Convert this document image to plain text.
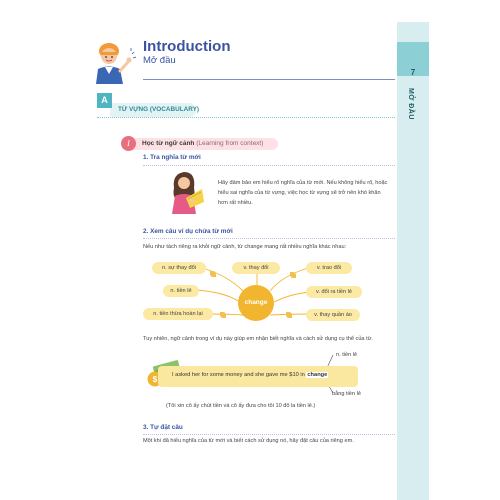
7
MỞ ĐẦU
Introduction
Mở đầu
A
TỪ VỰNG (VOCABULARY)
I	Học từ ngữ cảnh (Learning from context)
1. Tra nghĩa từ mới
Hãy đảm bảo em hiểu rõ nghĩa của từ mới. Nếu không hiểu rõ, hoặc
hiểu sai nghĩa của từ vựng, việc học từ vựng sẽ trở nên khó khăn
hơn rất nhiều.
2. Xem câu ví dụ chứa từ mới
Nếu như tách riêng ra khỏi ngữ cảnh, từ change mang rất nhiều nghĩa khác nhau:
n. sự thay đổi
n. tiền lẻ
n. tiền thừa hoàn lại
v. thay đổi	v. trao đổi
v. đổi ra tiền lẻ
v. thay quần áo
change
Tuy nhiên, ngữ cảnh trong ví dụ này giúp em nhận biết nghĩa và cách sử dụng cụ thể của từ.
$
n. tiền lẻ
I asked her for some money and she gave me $10 in change
bằng tiền lẻ
(Tôi xin cô ấy chút tiền và cô ấy đưa cho tôi 10 đô la tiền lẻ.)
3. Tự đặt câu
Một khi đã hiểu nghĩa của từ mới và biết cách sử dụng nó, hãy đặt câu của riêng em.
